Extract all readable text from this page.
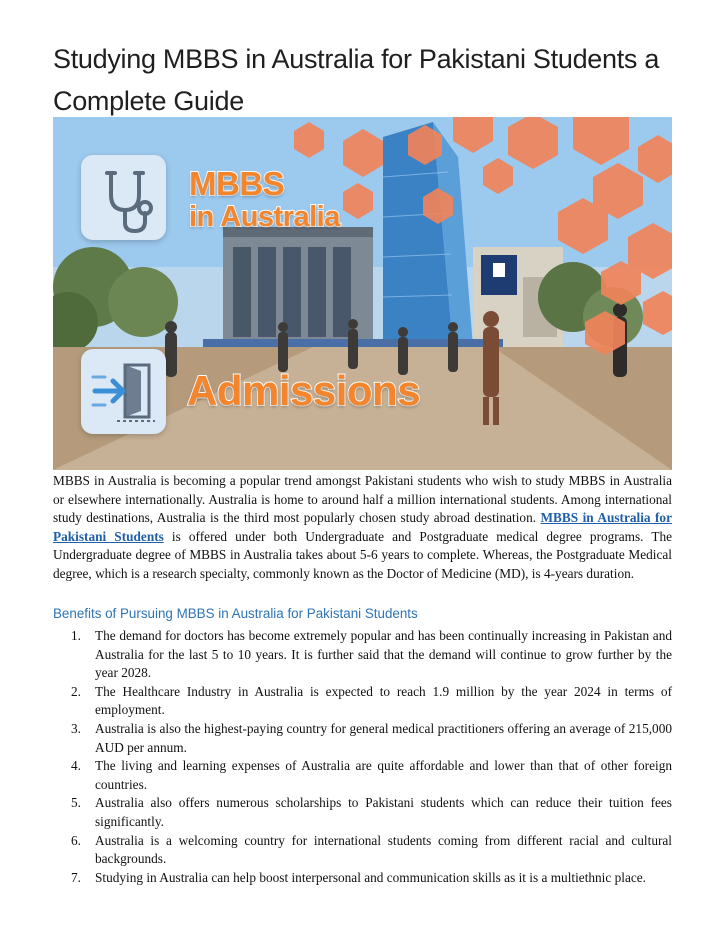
Studying MBBS in Australia for Pakistani Students a Complete Guide
MBBS
in Australia
Admissions

MBBS in Australia is becoming a popular trend amongst Pakistani students who wish to study MBBS in Australia or elsewhere internationally. Australia is home to around half a million international students. Among international study destinations, Australia is the third most popularly chosen study abroad destination. MBBS in Australia for Pakistani Students is offered under both Undergraduate and Postgraduate medical degree programs. The Undergraduate degree of MBBS in Australia takes about 5-6 years to complete. Whereas, the Postgraduate Medical degree, which is a research specialty, commonly known as the Doctor of Medicine (MD), is 4-years duration.

Benefits of Pursuing MBBS in Australia for Pakistani Students
1. The demand for doctors has become extremely popular and has been continually increasing in Pakistan and Australia for the last 5 to 10 years. It is further said that the demand will continue to grow further by the year 2028.
2. The Healthcare Industry in Australia is expected to reach 1.9 million by the year 2024 in terms of employment.
3. Australia is also the highest-paying country for general medical practitioners offering an average of 215,000 AUD per annum.
4. The living and learning expenses of Australia are quite affordable and lower than that of other foreign countries.
5. Australia also offers numerous scholarships to Pakistani students which can reduce their tuition fees significantly.
6. Australia is a welcoming country for international students coming from different racial and cultural backgrounds.
7. Studying in Australia can help boost interpersonal and communication skills as it is a multiethnic place.
